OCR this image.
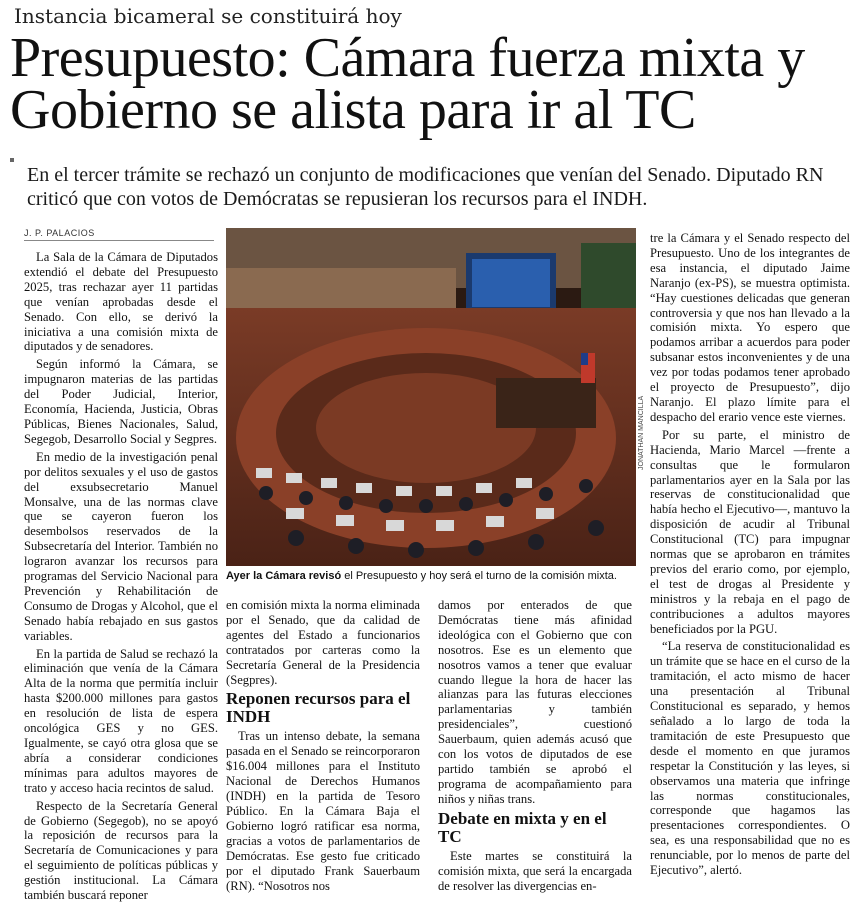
Instancia bicameral se constituirá hoy
Presupuesto: Cámara fuerza mixta y Gobierno se alista para ir al TC
En el tercer trámite se rechazó un conjunto de modificaciones que venían del Senado. Diputado RN criticó que con votos de Demócratas se repusieran los recursos para el INDH.
J. P. PALACIOS

La Sala de la Cámara de Diputados extendió el debate del Presupuesto 2025, tras rechazar ayer 11 partidas que venían aprobadas desde el Senado. Con ello, se derivó la iniciativa a una comisión mixta de diputados y de senadores.

Según informó la Cámara, se impugnaron materias de las partidas del Poder Judicial, Interior, Economía, Hacienda, Justicia, Obras Públicas, Bienes Nacionales, Salud, Segegob, Desarrollo Social y Segpres.

En medio de la investigación penal por delitos sexuales y el uso de gastos del exsubsecretario Manuel Monsalve, una de las normas clave que se cayeron fueron los desembolsos reservados de la Subsecretaría del Interior. También no lograron avanzar los recursos para programas del Servicio Nacional para Prevención y Rehabilitación de Consumo de Drogas y Alcohol, que el Senado había rebajado en sus gastos variables.

En la partida de Salud se rechazó la eliminación que venía de la Cámara Alta de la norma que permitía incluir hasta $200.000 millones para gastos en resolución de lista de espera oncológica GES y no GES. Igualmente, se cayó otra glosa que se abría a considerar condiciones mínimas para adultos mayores de trato y acceso hacia recintos de salud.

Respecto de la Secretaría General de Gobierno (Segegob), no se apoyó la reposición de recursos para la Secretaría de Comunicaciones y para el seguimiento de políticas públicas y gestión institucional. La Cámara también buscará reponer

JONATHAN MANCILLA
Ayer la Cámara revisó el Presupuesto y hoy será el turno de la comisión mixta.

en comisión mixta la norma eliminada por el Senado, que da calidad de agentes del Estado a funcionarios contratados por carteras como la Secretaría General de la Presidencia (Segpres).

Reponen recursos para el INDH

Tras un intenso debate, la semana pasada en el Senado se reincorporaron $16.004 millones para el Instituto Nacional de Derechos Humanos (INDH) en la partida de Tesoro Público. En la Cámara Baja el Gobierno logró ratificar esa norma, gracias a votos de parlamentarios de Demócratas. Ese gesto fue criticado por el diputado Frank Sauerbaum (RN). “Nosotros nos

damos por enterados de que Demócratas tiene más afinidad ideológica con el Gobierno que con nosotros. Ese es un elemento que nosotros vamos a tener que evaluar cuando llegue la hora de hacer las alianzas para las futuras elecciones parlamentarias y también presidenciales”, cuestionó Sauerbaum, quien además acusó que con los votos de diputados de ese partido también se aprobó el programa de acompañamiento para niños y niñas trans.

Debate en mixta y en el TC

Este martes se constituirá la comisión mixta, que será la encargada de resolver las divergencias en-

tre la Cámara y el Senado respecto del Presupuesto. Uno de los integrantes de esa instancia, el diputado Jaime Naranjo (ex-PS), se muestra optimista. “Hay cuestiones delicadas que generan controversia y que nos han llevado a la comisión mixta. Yo espero que podamos arribar a acuerdos para poder subsanar estos inconvenientes y de una vez por todas podamos tener aprobado el proyecto de Presupuesto”, dijo Naranjo. El plazo límite para el despacho del erario vence este viernes.

Por su parte, el ministro de Hacienda, Mario Marcel —frente a consultas que le formularon parlamentarios ayer en la Sala por las reservas de constitucionalidad que había hecho el Ejecutivo—, mantuvo la disposición de acudir al Tribunal Constitucional (TC) para impugnar normas que se aprobaron en trámites previos del erario como, por ejemplo, el test de drogas al Presidente y ministros y la rebaja en el pago de contribuciones a adultos mayores beneficiados por la PGU.

“La reserva de constitucionalidad es un trámite que se hace en el curso de la tramitación, el acto mismo de hacer una presentación al Tribunal Constitucional es separado, y hemos señalado a lo largo de toda la tramitación de este Presupuesto que desde el momento en que juramos respetar la Constitución y las leyes, si observamos una materia que infringe las normas constitucionales, corresponde que hagamos las presentaciones correspondientes. O sea, es una responsabilidad que no es renunciable, por lo menos de parte del Ejecutivo”, alertó.
